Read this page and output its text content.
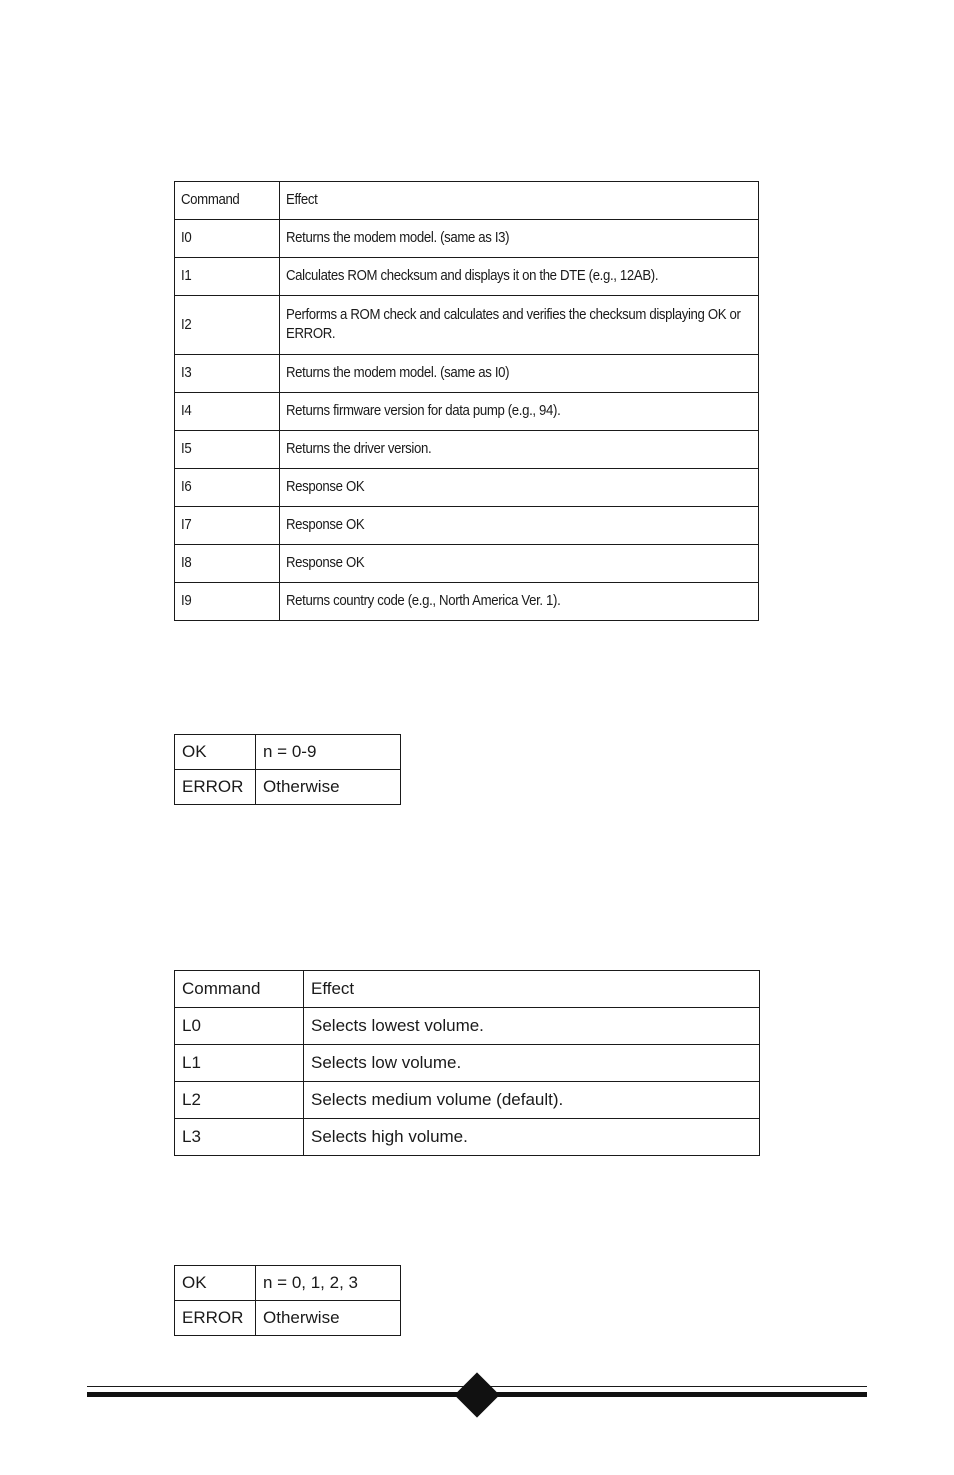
Command	Effect
I0	Returns the modem model. (same as I3)
I1	Calculates ROM checksum and displays it on the DTE (e.g., 12AB).
I2	Performs a ROM check and calculates and verifies the checksum displaying OK or ERROR.
I3	Returns the modem model. (same as I0)
I4	Returns firmware version for data pump (e.g., 94).
I5	Returns the driver version.
I6	Response OK
I7	Response OK
I8	Response OK
I9	Returns country code (e.g., North America Ver. 1).
OK	n = 0-9
ERROR	Otherwise
Command	Effect
L0	Selects lowest volume.
L1	Selects low volume.
L2	Selects medium volume (default).
L3	Selects high volume.
OK	n = 0, 1, 2, 3
ERROR	Otherwise
